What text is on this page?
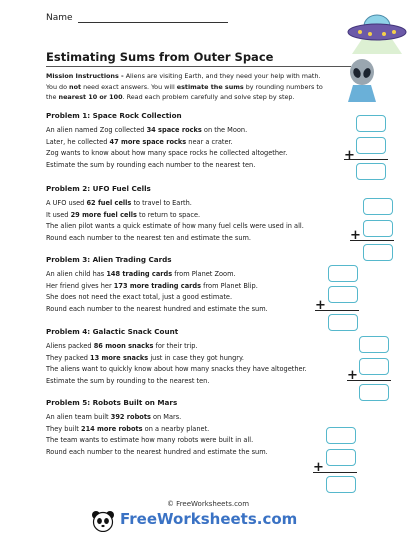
Name
Estimating Sums from Outer Space
Mission Instructions - Aliens are visiting Earth, and they need your help with math.
You do not need exact answers. You will estimate the sums by rounding numbers to
the nearest 10 or 100. Read each problem carefully and solve step by step.
Problem 1: Space Rock Collection
An alien named Zog collected 34 space rocks on the Moon.
Later, he collected 47 more space rocks near a crater.
Zog wants to know about how many space rocks he collected altogether.
Estimate the sum by rounding each number to the nearest ten.
+
Problem 2: UFO Fuel Cells
A UFO used 62 fuel cells to travel to Earth.
It used 29 more fuel cells to return to space.
The alien pilot wants a quick estimate of how many fuel cells were used in all.
Round each number to the nearest ten and estimate the sum.	+
Problem 3: Alien Trading Cards
An alien child has 148 trading cards from Planet Zoom.
Her friend gives her 173 more trading cards from Planet Blip.
She does not need the exact total, just a good estimate.
Round each number to the nearest hundred and estimate the sum.	+
Problem 4: Galactic Snack Count
Aliens packed 86 moon snacks for their trip.
They packed 13 more snacks just in case they got hungry.
The aliens want to quickly know about how many snacks they have altogether.
Estimate the sum by rounding to the nearest ten.	+
Problem 5: Robots Built on Mars
An alien team built 392 robots on Mars.
They built 214 more robots on a nearby planet.
The team wants to estimate how many robots were built in all.
Round each number to the nearest hundred and estimate the sum.
+
© FreeWorksheets.com
FreeWorksheets.com
